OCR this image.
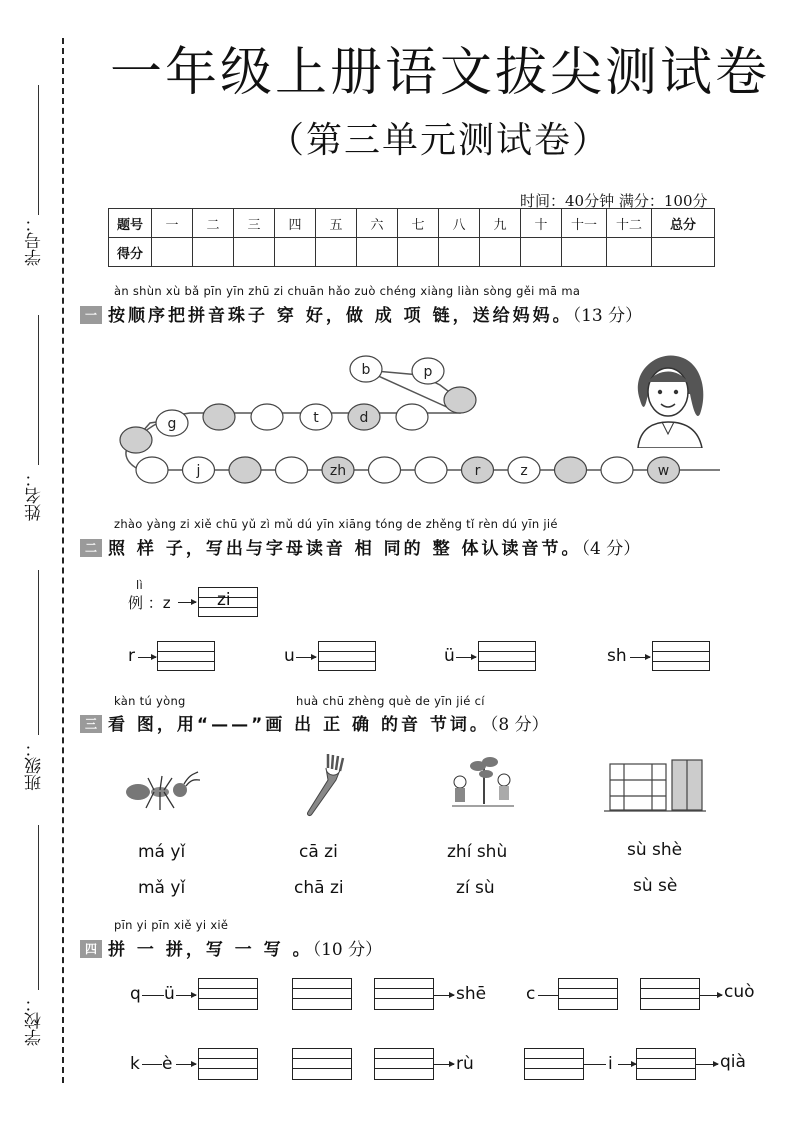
学号：
姓名：
班级：
学校：
一年级上册语文拔尖测试卷
（第三单元测试卷）
时间：40分钟 满分：100分
题号	一	二	三	四	五	六	七	八	九	十	十一	十二	总分
得分													
àn shùn xù bǎ pīn yīn zhū zi chuān hǎo zuò chéng xiàng liàn sòng gěi mā ma
一 按顺序把拼音珠子 穿 好，做 成 项 链，送给妈妈。（13 分）
g	t	d
p
b
j	zh	r	z	w
zhào yàng zi xiě chū yǔ zì mǔ dú yīn xiāng tóng de zhěng tǐ rèn dú yīn jié
二 照 样 子，写出与字母读音 相 同的 整 体认读音节。（4 分）
lì
例 ：z	zi
r	u	ü	sh
kàn tú yòng	huà chū zhèng què de yīn jié cí
三 看 图，用“——”画 出 正 确 的音 节词。（8 分）
má yǐ
mǎ yǐ
cā zi
chā zi
zhí shù
zí sù
sù shè
sù sè
pīn yi pīn xiě yi xiě
四 拼 一 拼，写 一 写 。（10 分）
q ü	shē c	cuò
k è	rù	i	qià
